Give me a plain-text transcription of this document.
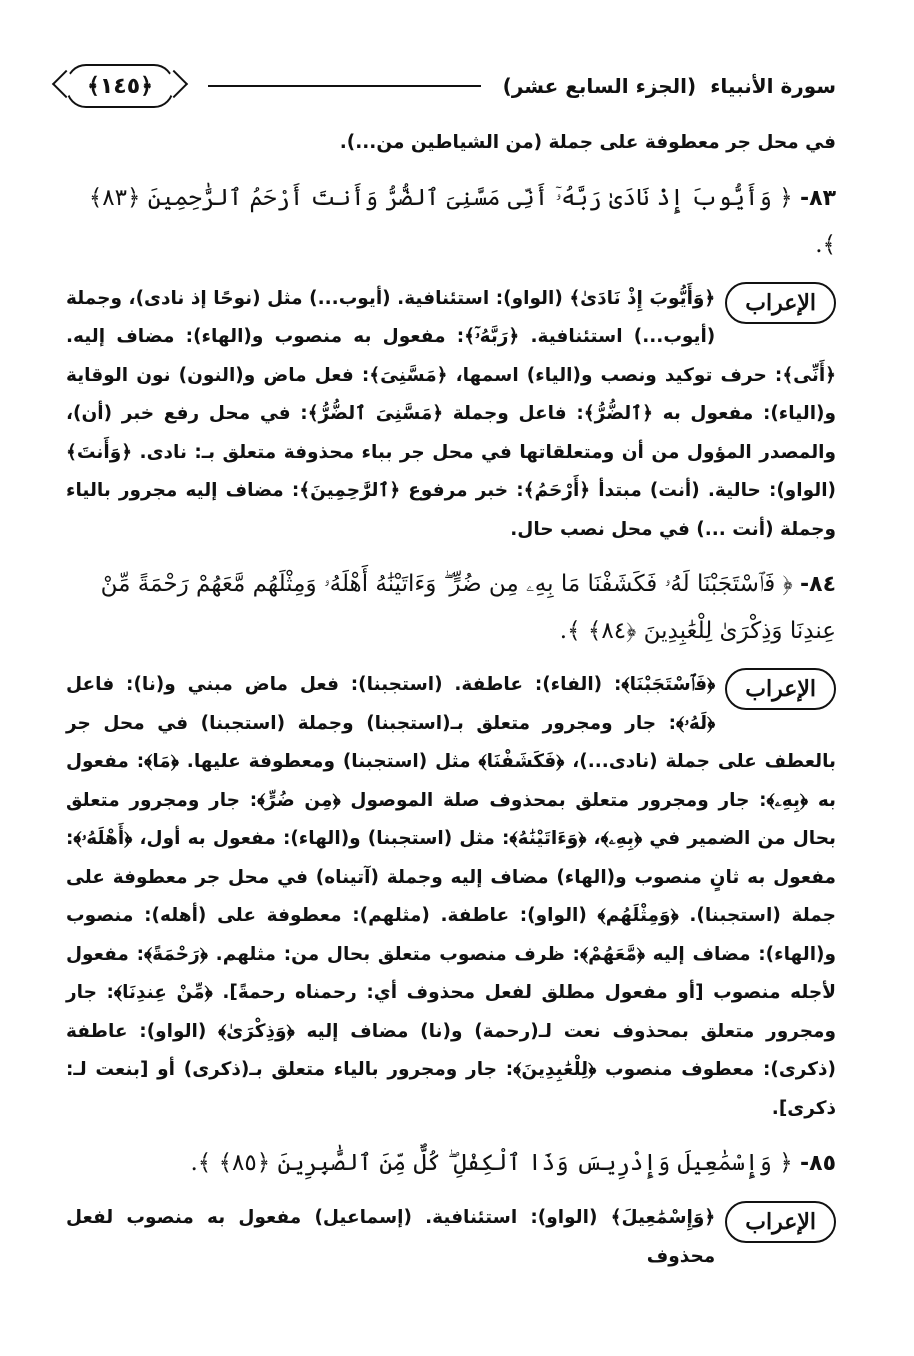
سورة الأنبياء
(الجزء السابع عشر)
﴿١٤٥﴾
في محل جر معطوفة على جملة (من الشياطين من...).
٨٣- ﴿ وَأَيُّوبَ إِذْ نَادَىٰ رَبَّهُۥٓ أَنِّى مَسَّنِىَ ٱلضُّرُّ وَأَنتَ أَرْحَمُ ٱلرَّٰحِمِينَ ﴿٨٣﴾ ﴾.
الإعراب
﴿وَأَيُّوبَ إِذْ نَادَىٰ﴾ (الواو): استئنافية. (أيوب...) مثل (نوحًا إذ نادى)، وجملة (أيوب...) استئنافية. ﴿رَبَّهُۥٓ﴾: مفعول به منصوب و(الهاء): مضاف إليه. ﴿أَنِّى﴾: حرف توكيد ونصب و(الياء) اسمها، ﴿مَسَّنِىَ﴾: فعل ماض و(النون) نون الوقاية و(الياء): مفعول به ﴿ٱلضُّرُّ﴾: فاعل وجملة ﴿مَسَّنِىَ ٱلضُّرُّ﴾: في محل رفع خبر (أن)، والمصدر المؤول من أن ومتعلقاتها في محل جر بباء محذوفة متعلق بـ: نادى. ﴿وَأَنتَ﴾ (الواو): حالية. (أنت) مبتدأ ﴿أَرْحَمُ﴾: خبر مرفوع ﴿ٱلرَّٰحِمِينَ﴾: مضاف إليه مجرور بالياء وجملة (أنت ...) في محل نصب حال.
٨٤- ﴿ فَٱسْتَجَبْنَا لَهُۥ فَكَشَفْنَا مَا بِهِۦ مِن ضُرٍّ ۖ وَءَاتَيْنَٰهُ أَهْلَهُۥ وَمِثْلَهُم مَّعَهُمْ رَحْمَةً مِّنْ عِندِنَا وَذِكْرَىٰ لِلْعَٰبِدِينَ ﴿٨٤﴾ ﴾.
الإعراب
﴿فَٱسْتَجَبْنَا﴾: (الفاء): عاطفة. (استجبنا): فعل ماض مبني و(نا): فاعل ﴿لَهُۥ﴾: جار ومجرور متعلق بـ(استجبنا) وجملة (استجبنا) في محل جر بالعطف على جملة (نادى...)، ﴿فَكَشَفْنَا﴾ مثل (استجبنا) ومعطوفة عليها. ﴿مَا﴾: مفعول به ﴿بِهِۦ﴾: جار ومجرور متعلق بمحذوف صلة الموصول ﴿مِن ضُرٍّ﴾: جار ومجرور متعلق بحال من الضمير في ﴿بِهِۦ﴾، ﴿وَءَاتَيْنَٰهُ﴾: مثل (استجبنا) و(الهاء): مفعول به أول، ﴿أَهْلَهُۥ﴾: مفعول به ثانٍ منصوب و(الهاء) مضاف إليه وجملة (آتيناه) في محل جر معطوفة على جملة (استجبنا). ﴿وَمِثْلَهُم﴾ (الواو): عاطفة. (مثلهم): معطوفة على (أهله): منصوب و(الهاء): مضاف إليه ﴿مَّعَهُمْ﴾: ظرف منصوب متعلق بحال من: مثلهم. ﴿رَحْمَةً﴾: مفعول لأجله منصوب [أو مفعول مطلق لفعل محذوف أي: رحمناه رحمةً]. ﴿مِّنْ عِندِنَا﴾: جار ومجرور متعلق بمحذوف نعت لـ(رحمة) و(نا) مضاف إليه ﴿وَذِكْرَىٰ﴾ (الواو): عاطفة (ذكرى): معطوف منصوب ﴿لِلْعَٰبِدِينَ﴾: جار ومجرور بالياء متعلق بـ(ذكرى) أو [بنعت لـ: ذكرى].
٨٥- ﴿ وَإِسْمَٰعِيلَ وَإِدْرِيسَ وَذَا ٱلْكِفْلِ ۖ كُلٌّ مِّنَ ٱلصَّٰبِرِينَ ﴿٨٥﴾ ﴾.
الإعراب
﴿وَإِسْمَٰعِيلَ﴾ (الواو): استئنافية. (إسماعيل) مفعول به منصوب لفعل محذوف
